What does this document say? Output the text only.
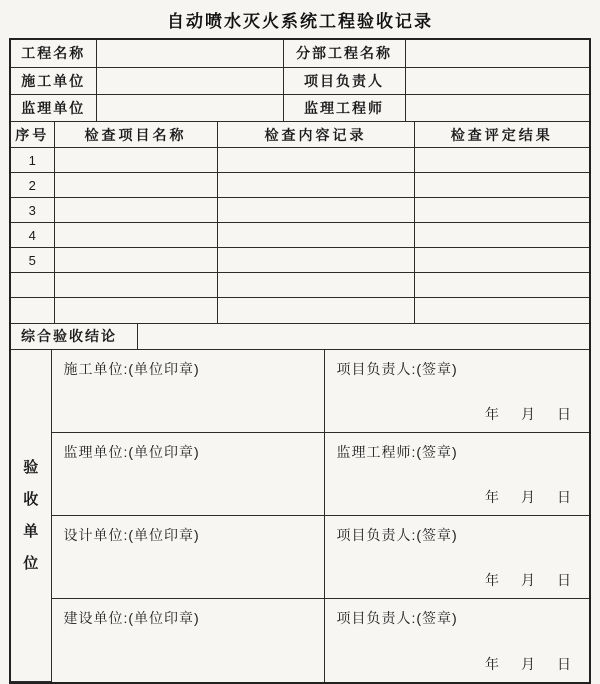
自动喷水灭火系统工程验收记录
工程名称		分部工程名称	
施工单位		项目负责人	
监理单位		监理工程师	
序号	检查项目名称	检查内容记录	检查评定结果
1			
2			
3			
4			
5			

综合验收结论	
验收单位	施工单位:(单位印章)	项目负责人:(签章)
年　月　日

	监理单位:(单位印章)	监理工程师:(签章)
年　月　日

	设计单位:(单位印章)	项目负责人:(签章)
年　月　日

	建设单位:(单位印章)	项目负责人:(签章)
年　月　日
